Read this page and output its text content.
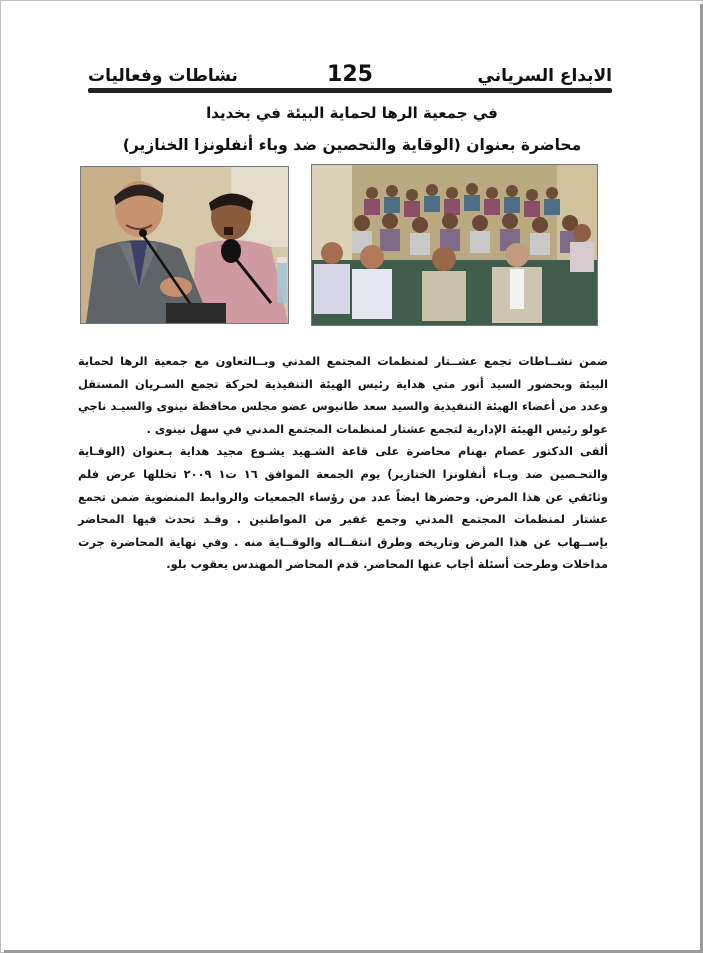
الابداع السرياني
125
نشاطات وفعاليات
في جمعية الرها لحماية البيئة في بخديدا
محاضرة بعنوان (الوقاية والتحصين ضد وباء أنفلونزا الخنازير)

ضمن نشــاطات تجمع عشــتار لمنظمات المجتمع المدني وبــالتعاون مع جمعية الرها لحماية البيئة وبحضور السيد أنور متي هداية رئيس الهيئة التنفيذية لحركة تجمع السـريان المستقل وعدد من أعضاء الهيئة التنفيذية والسيد سعد طانيوس عضو مجلس محافظة نينوى والسيـد ناجي عولو رئيس الهيئة الإدارية لتجمع عشتار لمنظمات المجتمع المدني في سهل نينوى .

ألقى الدكتور عصام بهنام محاضرة على قاعة الشـهيد يشـوع مجيد هداية بـعنوان (الوقـاية والتحـصين ضد وبـاء أنفلونزا الخنازير) يوم الجمعة الموافق ١٦ ت١ ٢٠٠٩ تخللها عرض فلم وثائقي عن هذا المرض. وحضرها ايضاً عدد من رؤساء الجمعيات والروابط المنضوية ضمن تجمع عشتار لمنظمات المجتمع المدني وجمع غفير من المواطنين . وقـد تحدث فيها المحاضر بإســهاب عن هذا المرض وتاريخه وطرق انتقــاله والوقــاية منه . وفي نهاية المحاضرة جرت مداخلات وطرحت أسئلة أجاب عنها المحاضر. قدم المحاضر المهندس يعقوب بلو.
